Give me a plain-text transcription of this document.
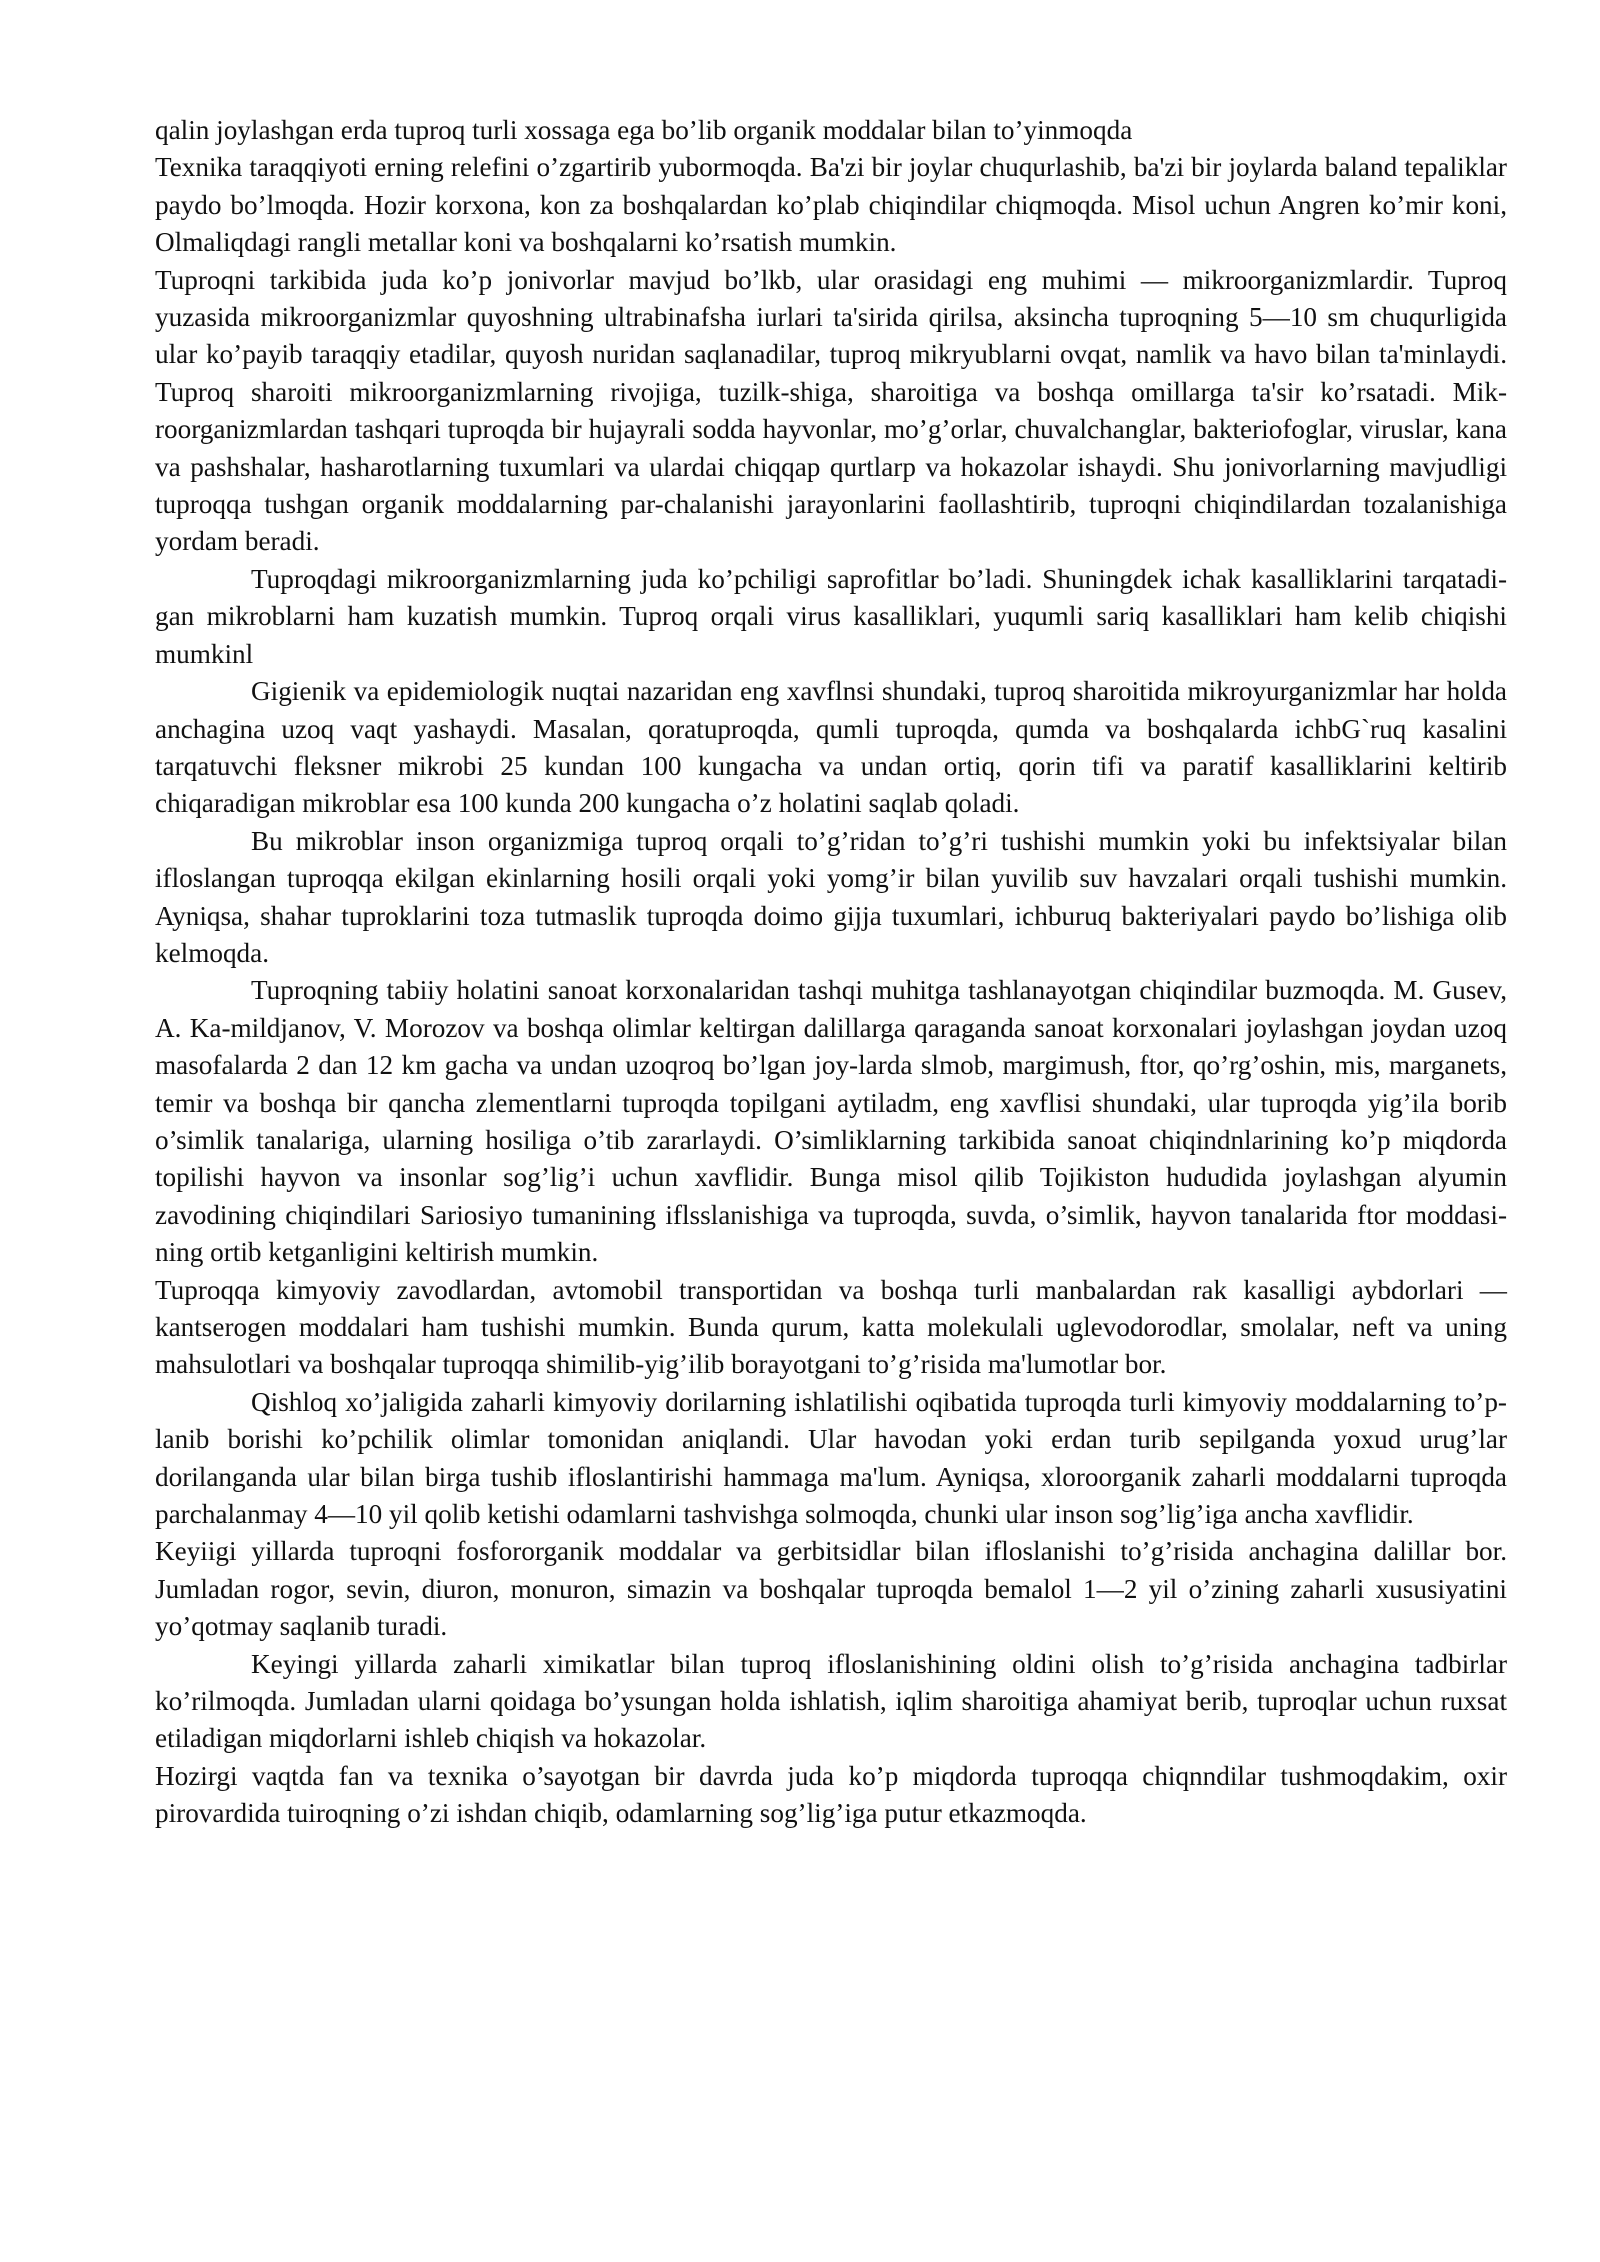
qalin joylashgan erda tuproq turli xossaga ega bo’lib organik moddalar bilan to’yinmoqda

Texnika taraqqiyoti erning relefini o’zgartirib yubormoqda. Ba'zi bir joylar chuqurlashib, ba'zi bir joylarda baland tepaliklar paydo bo’lmoqda. Hozir korxona, kon za boshqalardan ko’plab chiqindilar chiqmoqda. Misol uchun Angren ko’mir koni, Olmaliqdagi rangli metallar koni va boshqalarni ko’rsatish mumkin.

Tuproqni tarkibida juda ko’p jonivorlar mavjud bo’lkb, ular orasidagi eng muhimi — mikroorganizmlardir. Tuproq yuzasida mikroorganizmlar quyoshning ultrabinafsha iurlari ta'sirida qirilsa, aksincha tuproqning 5—10 sm chuqurligida ular ko’payib taraqqiy etadilar, quyosh nuridan saqlanadilar, tuproq mikryublarni ovqat, namlik va havo bilan ta'minlaydi. Tuproq sharoiti mikroorganizmlarning rivojiga, tuzilk-shiga, sharoitiga va boshqa omillarga ta'sir ko’rsatadi. Mik-roorganizmlardan tashqari tuproqda bir hujayrali sodda hayvonlar, mo’g’orlar, chuvalchanglar, bakteriofoglar, viruslar, kana va pashshalar, hasharotlarning tuxumlari va ulardai chiqqap qurtlarp va hokazolar ishaydi. Shu jonivorlarning mavjudligi tuproqqa tushgan organik moddalarning par-chalanishi jarayonlarini faollashtirib, tuproqni chiqindilardan tozalanishiga yordam beradi.

Tuproqdagi mikroorganizmlarning juda ko’pchiligi saprofitlar bo’ladi. Shuningdek ichak kasalliklarini tarqatadi-gan mikroblarni ham kuzatish mumkin. Tuproq orqali virus kasalliklari, yuqumli sariq kasalliklari ham kelib chiqishi mumkinl

Gigienik va epidemiologik nuqtai nazaridan eng xavflnsi shundaki, tuproq sharoitida mikroyurganizmlar har holda anchagina uzoq vaqt yashaydi. Masalan, qoratuproqda, qumli tuproqda, qumda va boshqalarda ichbG`ruq kasalini tarqatuvchi fleksner mikrobi 25 kundan 100 kungacha va undan ortiq, qorin tifi va paratif kasalliklarini keltirib chiqaradigan mikroblar esa 100 kunda 200 kungacha o’z holatini saqlab qoladi.

Bu mikroblar inson organizmiga tuproq orqali to’g’ridan to’g’ri tushishi mumkin yoki bu infektsiyalar bilan ifloslangan tuproqqa ekilgan ekinlarning hosili orqali yoki yomg’ir bilan yuvilib suv havzalari orqali tushishi mumkin. Ayniqsa, shahar tuproklarini toza tutmaslik tuproqda doimo gijja tuxumlari, ichburuq bakteriyalari paydo bo’lishiga olib kelmoqda.

Tuproqning tabiiy holatini sanoat korxonalaridan tashqi muhitga tashlanayotgan chiqindilar buzmoqda. M. Gusev, A. Ka-mildjanov, V. Morozov va boshqa olimlar keltirgan dalillarga qaraganda sanoat korxonalari joylashgan joydan uzoq masofalarda 2 dan 12 km gacha va undan uzoqroq bo’lgan joy-larda slmob, margimush, ftor, qo’rg’oshin, mis, marganets, temir va boshqa bir qancha zlementlarni tuproqda topilgani aytiladm, eng xavflisi shundaki, ular tuproqda yig’ila borib o’simlik tanalariga, ularning hosiliga o’tib zararlaydi. O’simliklarning tarkibida sanoat chiqindnlarining ko’p miqdorda topilishi hayvon va insonlar sog’lig’i uchun xavflidir. Bunga misol qilib Tojikiston hududida joylashgan alyumin zavodining chiqindilari Sariosiyo tumanining iflsslanishiga va tuproqda, suvda, o’simlik, hayvon tanalarida ftor moddasi-ning ortib ketganligini keltirish mumkin.

Tuproqqa kimyoviy zavodlardan, avtomobil transportidan va boshqa turli manbalardan rak kasalligi aybdorlari — kantserogen moddalari ham tushishi mumkin. Bunda qurum, katta molekulali uglevodorodlar, smolalar, neft va uning mahsulotlari va boshqalar tuproqqa shimilib-yig’ilib borayotgani to’g’risida ma'lumotlar bor.

Qishloq xo’jaligida zaharli kimyoviy dorilarning ishlatilishi oqibatida tuproqda turli kimyoviy moddalarning to’p-lanib borishi ko’pchilik olimlar tomonidan aniqlandi. Ular havodan yoki erdan turib sepilganda yoxud urug’lar dorilanganda ular bilan birga tushib ifloslantirishi hammaga ma'lum. Ayniqsa, xloroorganik zaharli moddalarni tuproqda parchalanmay 4—10 yil qolib ketishi odamlarni tashvishga solmoqda, chunki ular inson sog’lig’iga ancha xavflidir.

Keyiigi yillarda tuproqni fosfororganik moddalar va gerbitsidlar bilan ifloslanishi to’g’risida anchagina dalillar bor. Jumladan rogor, sevin, diuron, monuron, simazin va boshqalar tuproqda bemalol 1—2 yil o’zining zaharli xususiyatini yo’qotmay saqlanib turadi.

Keyingi yillarda zaharli ximikatlar bilan tuproq ifloslanishining oldini olish to’g’risida anchagina tadbirlar ko’rilmoqda. Jumladan ularni qoidaga bo’ysungan holda ishlatish, iqlim sharoitiga ahamiyat berib, tuproqlar uchun ruxsat etiladigan miqdorlarni ishleb chiqish va hokazolar.

Hozirgi vaqtda fan va texnika o’sayotgan bir davrda juda ko’p miqdorda tuproqqa chiqnndilar tushmoqdakim, oxir pirovardida tuiroqning o’zi ishdan chiqib, odamlarning sog’lig’iga putur etkazmoqda.
